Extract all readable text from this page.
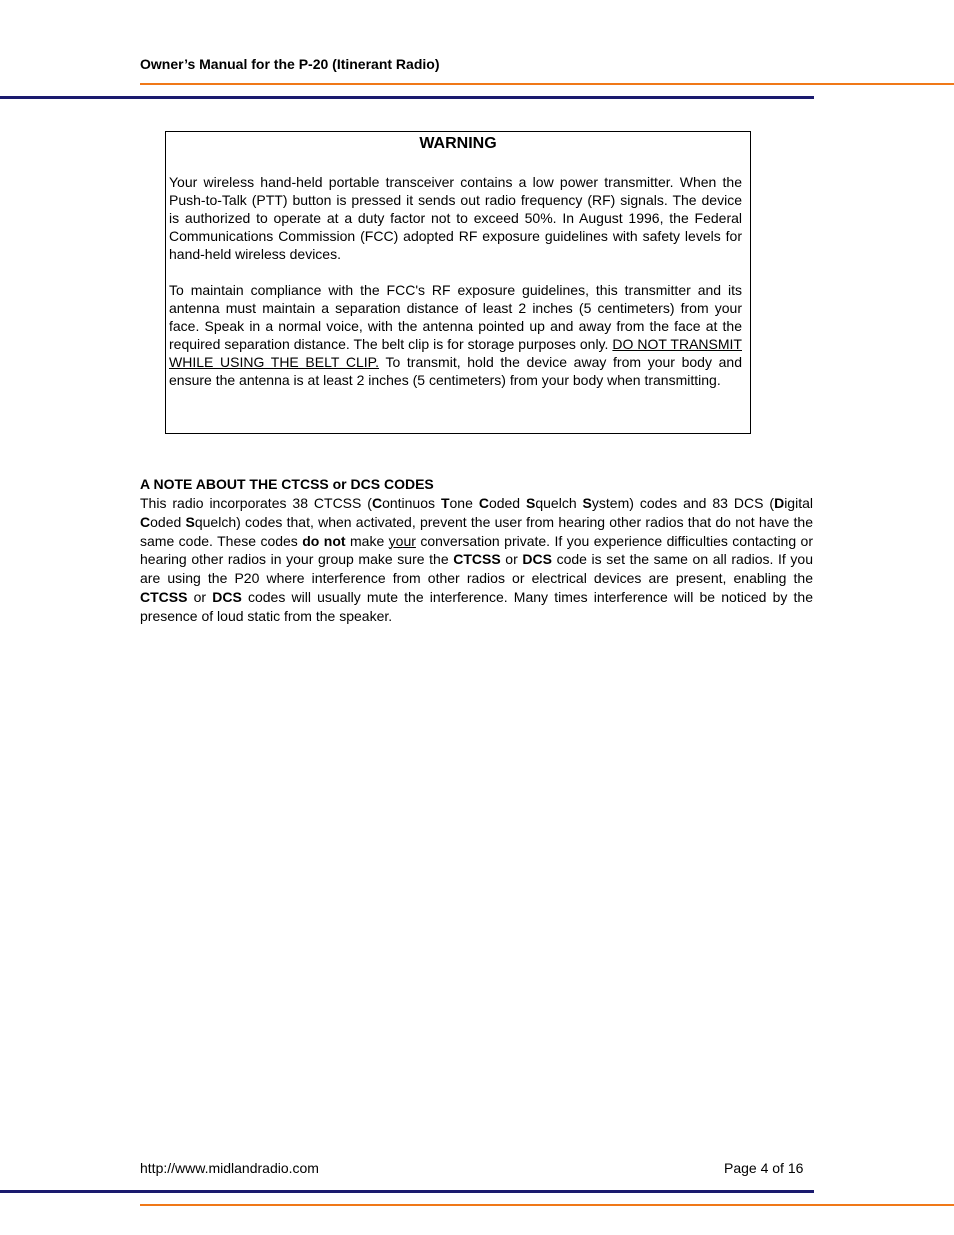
Owner’s Manual for the P-20 (Itinerant Radio)
WARNING

Your wireless hand-held portable transceiver contains a low power transmitter. When the Push-to-Talk (PTT) button is pressed it sends out radio frequency (RF) signals. The device is authorized to operate at a duty factor not to exceed 50%. In August 1996, the Federal Communications Commission (FCC) adopted RF exposure guidelines with safety levels for hand-held wireless devices.

To maintain compliance with the FCC's RF exposure guidelines, this transmitter and its antenna must maintain a separation distance of least 2 inches (5 centimeters) from your face. Speak in a normal voice, with the antenna pointed up and away from the face at the required separation distance. The belt clip is for storage purposes only. DO NOT TRANSMIT WHILE USING THE BELT CLIP. To transmit, hold the device away from your body and ensure the antenna is at least 2 inches (5 centimeters) from your body when transmitting.

A NOTE ABOUT THE CTCSS or DCS CODES
This radio incorporates 38 CTCSS (Continuos Tone Coded Squelch System) codes and 83 DCS (Digital Coded Squelch) codes that, when activated, prevent the user from hearing other radios that do not have the same code. These codes do not make your conversation private. If you experience difficulties contacting or hearing other radios in your group make sure the CTCSS or DCS code is set the same on all radios. If you are using the P20 where interference from other radios or electrical devices are present, enabling the CTCSS or DCS codes will usually mute the interference. Many times interference will be noticed by the presence of loud static from the speaker.
http://www.midlandradio.com	Page 4 of 16
